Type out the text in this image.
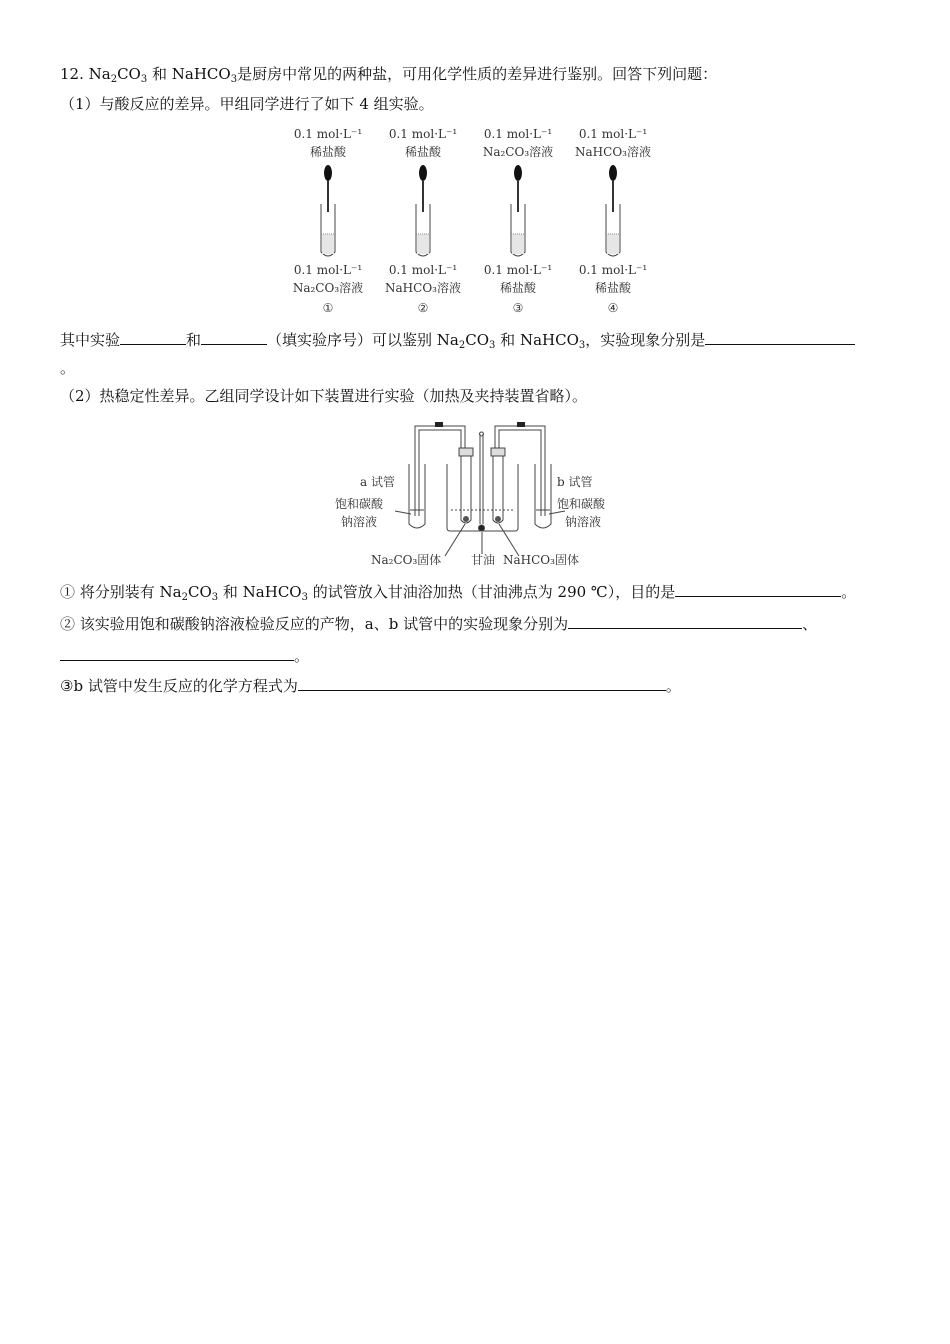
12. $Na_2CO_3$ 和 NaHCO$_3$是厨房中常见的两种盐，可用化学性质的差异进行鉴别。回答下列问题：
（1）与酸反应的差异。甲组同学进行了如下 4 组实验。
0.1 mol·L⁻¹
稀盐酸
0.1 mol·L⁻¹
Na₂CO₃溶液
①
0.1 mol·L⁻¹
稀盐酸
0.1 mol·L⁻¹
NaHCO₃溶液
②
0.1 mol·L⁻¹
Na₂CO₃溶液
0.1 mol·L⁻¹
稀盐酸
③
0.1 mol·L⁻¹
NaHCO₃溶液
0.1 mol·L⁻¹
稀盐酸
④
其中实验	和	（填实验序号）可以鉴别 $Na_2CO_3$ 和 NaHCO$_3$，实验现象分别是
。
（2）热稳定性差异。乙组同学设计如下装置进行实验（加热及夹持装置省略）。
a 试管
饱和碳酸
钠溶液
b 试管
饱和碳酸
钠溶液
Na₂CO₃固体 甘油 NaHCO₃固体
① 将分别装有 $Na_2CO_3$ 和 NaHCO$_3$ 的试管放入甘油浴加热（甘油沸点为 290 ℃），目的是	。
② 该实验用饱和碳酸钠溶液检验反应的产物，a、b 试管中的实验现象分别为	、
。
③b 试管中发生反应的化学方程式为	。
